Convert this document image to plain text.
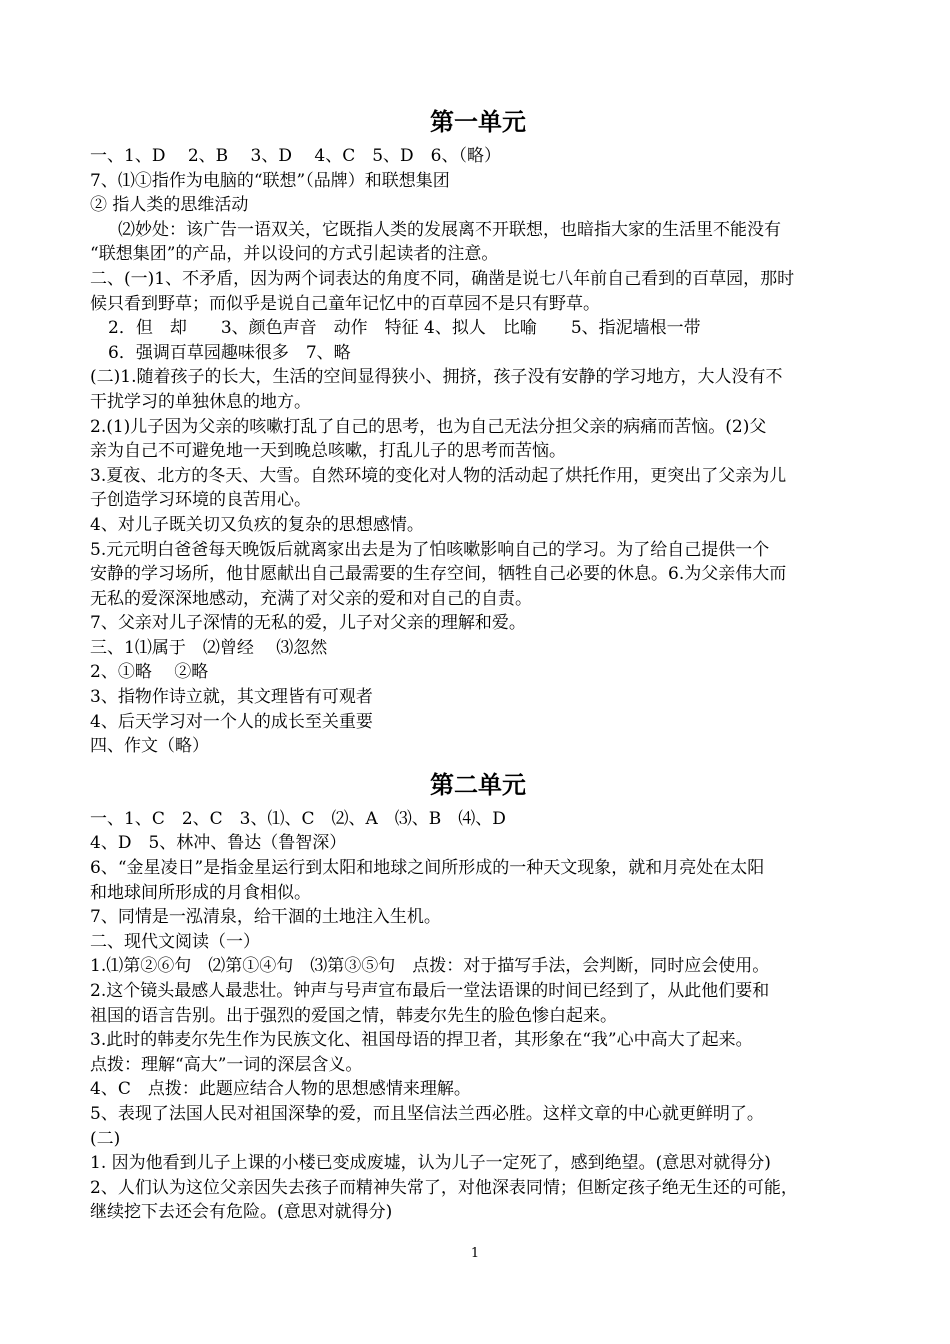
第一单元

一、1、D　 2、B　 3、D　 4、C　5、D　6、（略）

7、⑴①指作为电脑的“联想”（品牌）和联想集团

② 指人类的思维活动

⑵妙处：该广告一语双关，它既指人类的发展离不开联想，也暗指大家的生活里不能没有

“联想集团”的产品，并以设问的方式引起读者的注意。

二、(一)1、不矛盾，因为两个词表达的角度不同，确凿是说七八年前自己看到的百草园，那时

候只看到野草；而似乎是说自己童年记忆中的百草园不是只有野草。

2．但　却　　3、颜色声音　动作　特征 4、拟人　比喻　　5、指泥墙根一带

6．强调百草园趣味很多　7、略

(二)1.随着孩子的长大，生活的空间显得狭小、拥挤，孩子没有安静的学习地方，大人没有不

干扰学习的单独休息的地方。

2.(1)儿子因为父亲的咳嗽打乱了自己的思考，也为自己无法分担父亲的病痛而苦恼。(2)父

亲为自己不可避免地一天到晚总咳嗽，打乱儿子的思考而苦恼。

3.夏夜、北方的冬天、大雪。自然环境的变化对人物的活动起了烘托作用，更突出了父亲为儿

子创造学习环境的良苦用心。

4、对儿子既关切又负疚的复杂的思想感情。

5.元元明白爸爸每天晚饭后就离家出去是为了怕咳嗽影响自己的学习。为了给自己提供一个

安静的学习场所，他甘愿献出自己最需要的生存空间，牺牲自己必要的休息。6.为父亲伟大而

无私的爱深深地感动，充满了对父亲的爱和对自己的自责。

7、父亲对儿子深情的无私的爱，儿子对父亲的理解和爱。

三、1⑴属于　⑵曾经　 ⑶忽然

2、①略　 ②略

3、指物作诗立就，其文理皆有可观者

4、后天学习对一个人的成长至关重要

四、作文（略）

第二单元

一、1、C　2、C　3、⑴、C　⑵、A　⑶、B　⑷、D

4、D　5、林冲、鲁达（鲁智深）

6、“金星凌日”是指金星运行到太阳和地球之间所形成的一种天文现象，就和月亮处在太阳

和地球间所形成的月食相似。

7、同情是一泓清泉，给干涸的土地注入生机。

二、现代文阅读（一）

1.⑴第②⑥句　⑵第①④句　⑶第③⑤句　点拨：对于描写手法，会判断，同时应会使用。

2.这个镜头最感人最悲壮。钟声与号声宣布最后一堂法语课的时间已经到了，从此他们要和

祖国的语言告别。出于强烈的爱国之情，韩麦尔先生的脸色惨白起来。

3.此时的韩麦尔先生作为民族文化、祖国母语的捍卫者，其形象在“我”心中高大了起来。

点拨：理解“高大”一词的深层含义。

4、C　点拨：此题应结合人物的思想感情来理解。

5、表现了法国人民对祖国深挚的爱，而且坚信法兰西必胜。这样文章的中心就更鲜明了。

(二)

1. 因为他看到儿子上课的小楼已变成废墟，认为儿子一定死了，感到绝望。(意思对就得分)

2、人们认为这位父亲因失去孩子而精神失常了，对他深表同情；但断定孩子绝无生还的可能，

继续挖下去还会有危险。(意思对就得分)

1
